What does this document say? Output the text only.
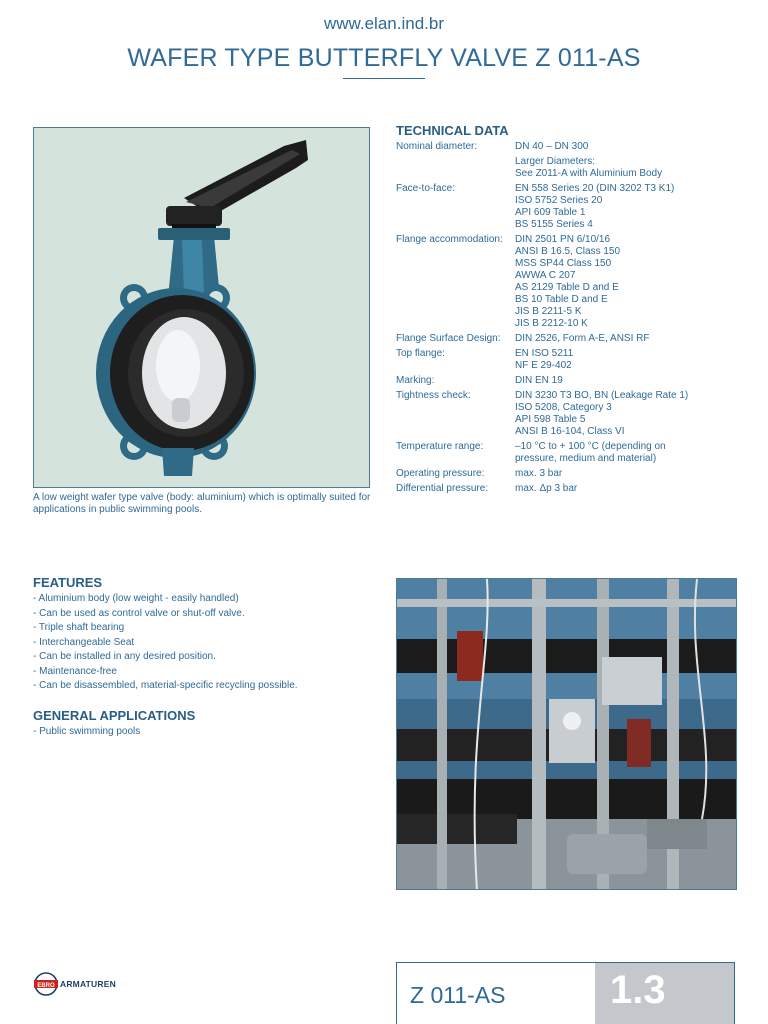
www.elan.ind.br
WAFER TYPE BUTTERFLY VALVE Z 011-AS
A low weight wafer type valve (body: aluminium) which is optimally suited for applications in public swimming pools.
TECHNICAL DATA
Nominal diameter:	DN 40 – DN 300
Larger Diameters:
See Z011-A with Aluminium Body
Face-to-face:	EN 558 Series 20 (DIN 3202 T3 K1)
ISO 5752 Series 20
API 609 Table 1
BS 5155 Series 4
Flange accommodation:	DIN 2501 PN 6/10/16
ANSI B 16.5, Class 150
MSS SP44 Class 150
AWWA C 207
AS 2129 Table D and E
BS 10 Table D and E
JIS B 2211-5 K
JIS B 2212-10 K
Flange Surface Design:	DIN 2526, Form A-E, ANSI RF
Top flange:	EN ISO 5211
NF E 29-402
Marking:	DIN EN 19
Tightness check:	DIN 3230 T3 BO, BN (Leakage Rate 1)
ISO 5208, Category 3
API 598 Table 5
ANSI B 16-104, Class VI
Temperature range:	–10 °C to + 100 °C (depending on
pressure, medium and material)
Operating pressure:	max. 3 bar
Differential pressure:	max. Δp 3 bar
FEATURES
- Aluminium body (low weight - easily handled)
- Can be used as control valve or shut-off valve.
- Triple shaft bearing
- Interchangeable Seat
- Can be installed in any desired position.
- Maintenance-free
- Can be disassembled, material-specific recycling possible.
GENERAL APPLICATIONS
- Public swimming pools
EBRO ARMATUREN	Z 011-AS	1.3
